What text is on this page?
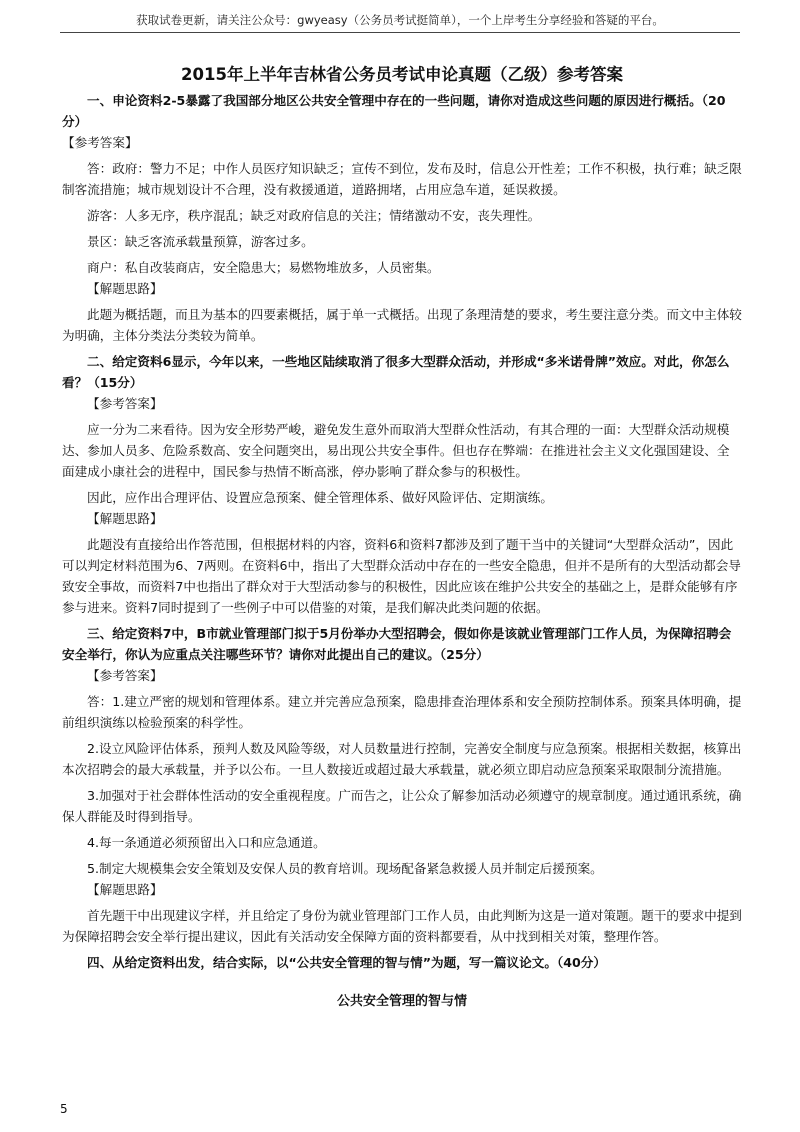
获取试卷更新，请关注公众号：gwyeasy（公务员考试挺简单），一个上岸考生分享经验和答疑的平台。
2015年上半年吉林省公务员考试申论真题（乙级）参考答案
一、申论资料2-5暴露了我国部分地区公共安全管理中存在的一些问题，请你对造成这些问题的原因进行概括。（20分）
【参考答案】
答：政府：警力不足；中作人员医疗知识缺乏；宣传不到位，发布及时，信息公开性差；工作不积极，执行难；缺乏限制客流措施；城市规划设计不合理，没有救援通道，道路拥堵，占用应急车道，延误救援。
游客：人多无序，秩序混乱；缺乏对政府信息的关注；情绪激动不安，丧失理性。
景区：缺乏客流承载量预算，游客过多。
商户：私自改装商店，安全隐患大；易燃物堆放多，人员密集。
【解题思路】
此题为概括题，而且为基本的四要素概括，属于单一式概括。出现了条理清楚的要求，考生要注意分类。而文中主体较为明确，主体分类法分类较为简单。
二、给定资料6显示，今年以来，一些地区陆续取消了很多大型群众活动，并形成“多米诺骨牌”效应。对此，你怎么看？（15分）
【参考答案】
应一分为二来看待。因为安全形势严峻，避免发生意外而取消大型群众性活动，有其合理的一面：大型群众活动规模达、参加人员多、危险系数高、安全问题突出，易出现公共安全事件。但也存在弊端：在推进社会主义文化强国建设、全面建成小康社会的进程中，国民参与热情不断高涨，停办影响了群众参与的积极性。
因此，应作出合理评估、设置应急预案、健全管理体系、做好风险评估、定期演练。
【解题思路】
此题没有直接给出作答范围，但根据材料的内容，资料6和资料7都涉及到了题干当中的关键词“大型群众活动”，因此可以判定材料范围为6、7两则。在资料6中，指出了大型群众活动中存在的一些安全隐患，但并不是所有的大型活动都会导致安全事故，而资料7中也指出了群众对于大型活动参与的积极性，因此应该在维护公共安全的基础之上，是群众能够有序参与进来。资料7同时提到了一些例子中可以借鉴的对策，是我们解决此类问题的依据。
三、给定资料7中，B市就业管理部门拟于5月份举办大型招聘会，假如你是该就业管理部门工作人员，为保障招聘会安全举行，你认为应重点关注哪些环节？请你对此提出自己的建议。（25分）
【参考答案】
答：1.建立严密的规划和管理体系。建立并完善应急预案，隐患排查治理体系和安全预防控制体系。预案具体明确，提前组织演练以检验预案的科学性。
2.设立风险评估体系，预判人数及风险等级，对人员数量进行控制，完善安全制度与应急预案。根据相关数据，核算出本次招聘会的最大承载量，并予以公布。一旦人数接近或超过最大承载量，就必须立即启动应急预案采取限制分流措施。
3.加强对于社会群体性活动的安全重视程度。广而告之，让公众了解参加活动必须遵守的规章制度。通过通讯系统，确保人群能及时得到指导。
4.每一条通道必须预留出入口和应急通道。
5.制定大规模集会安全策划及安保人员的教育培训。现场配备紧急救援人员并制定后援预案。
【解题思路】
首先题干中出现建议字样，并且给定了身份为就业管理部门工作人员，由此判断为这是一道对策题。题干的要求中提到为保障招聘会安全举行提出建议，因此有关活动安全保障方面的资料都要看，从中找到相关对策，整理作答。
四、从给定资料出发，结合实际，以“公共安全管理的智与情”为题，写一篇议论文。（40分）
公共安全管理的智与情
5
